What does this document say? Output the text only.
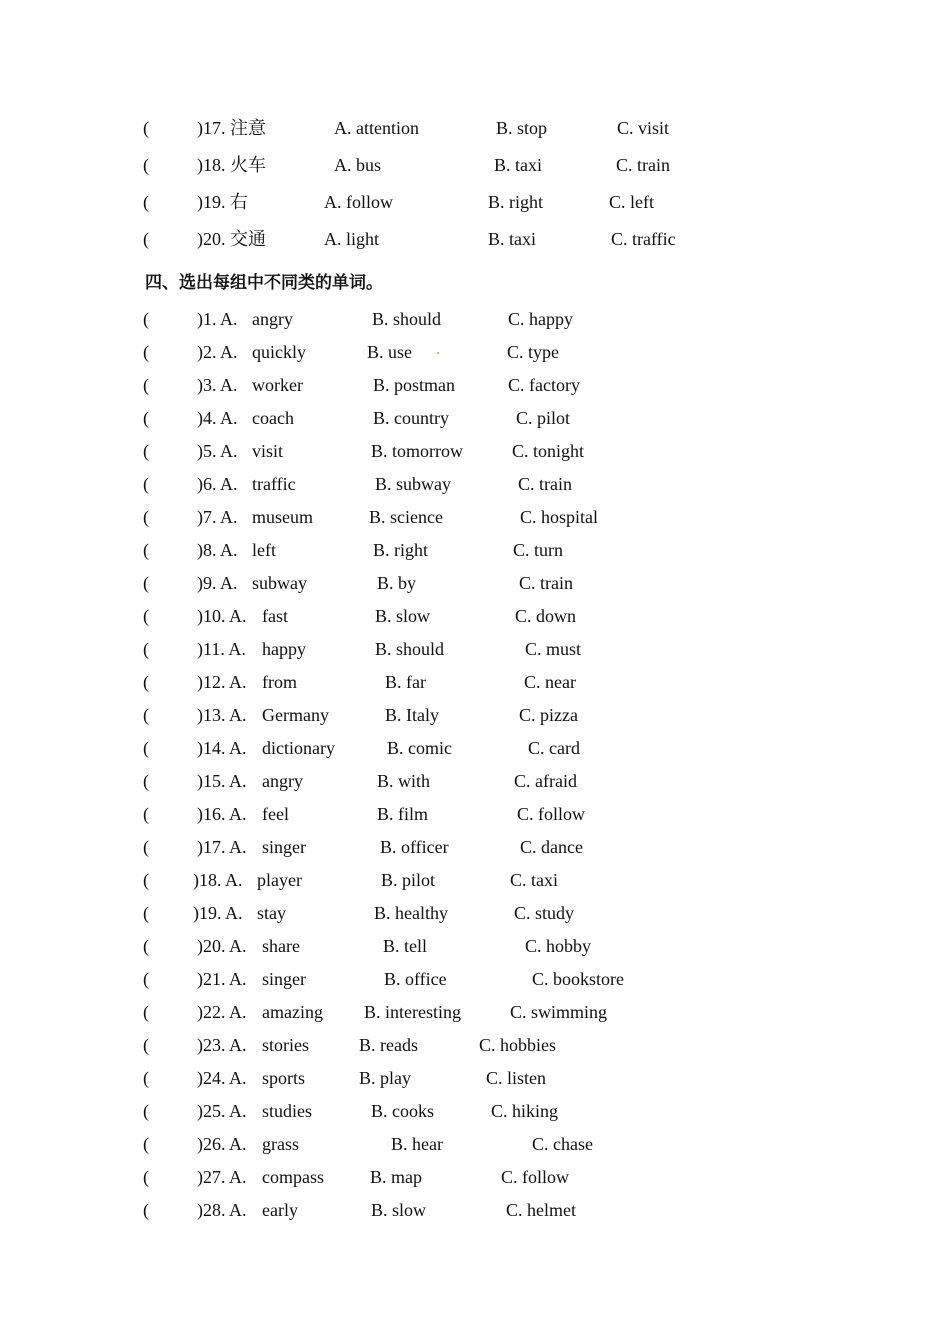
(	)17. 注意	A. attention	B. stop	C. visit
(	)18. 火车	A. bus	B. taxi	C. train
(	)19. 右	A. follow	B. right	C. left
(	)20. 交通	A. light	B. taxi	C. traffic
四、选出每组中不同类的单词。
(	)1. A. angry	B. should	C. happy
(	)2. A. quickly	B. use	C. type
(	)3. A. worker	B. postman	C. factory
(	)4. A. coach	B. country	C. pilot
(	)5. A. visit	B. tomorrow	C. tonight
(	)6. A. traffic	B. subway	C. train
(	)7. A. museum	B. science	C. hospital
(	)8. A. left	B. right	C. turn
(	)9. A. subway	B. by	C. train
(	)10. A. fast	B. slow	C. down
(	)11. A. happy	B. should	C. must
(	)12. A. from	B. far	C. near
(	)13. A. Germany	B. Italy	C. pizza
(	)14. A. dictionary	B. comic	C. card
(	)15. A. angry	B. with	C. afraid
(	)16. A. feel	B. film	C. follow
(	)17. A. singer	B. officer	C. dance
( )18. A. player	B. pilot	C. taxi
( )19. A. stay	B. healthy	C. study
(	)20. A. share	B. tell	C. hobby
(	)21. A. singer	B. office	C. bookstore
(	)22. A. amazing B. interesting	C. swimming
(	)23. A. stories	B. reads	C. hobbies
(	)24. A. sports	B. play	C. listen
(	)25. A. studies	B. cooks	C. hiking
(	)26. A. grass	B. hear	C. chase
(	)27. A. compass	B. map	C. follow
(	)28. A. early	B. slow	C. helmet
